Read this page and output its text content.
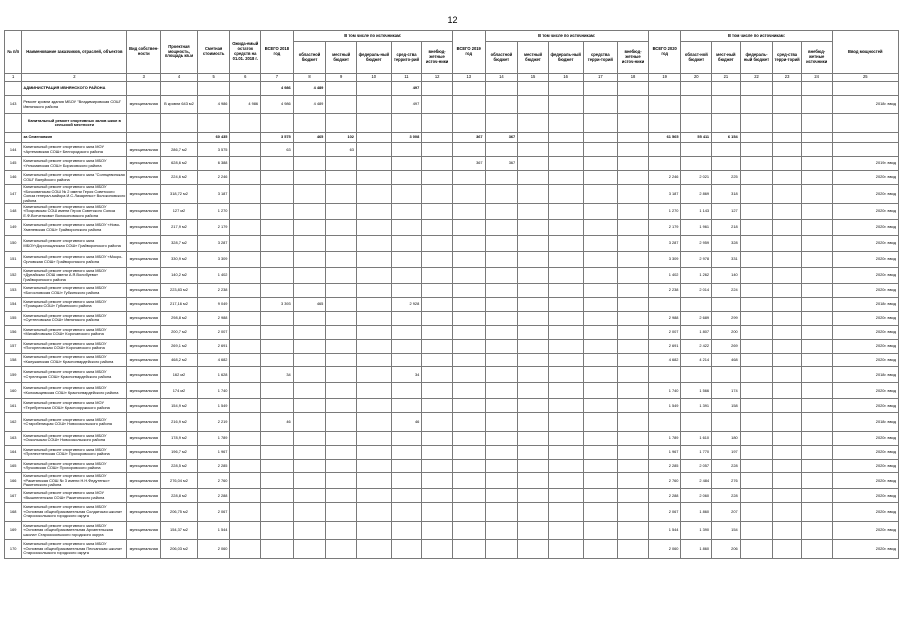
12
№ п/п	Наименование заказчиков, отраслей, объектов	Вид собствен-ности	Проектная мощность, площадь кв.м	Сметная стоимость	Ожида-емый остаток средств на 01.01. 2018 г.	ВСЕГО 2018 год	В том числе по источникам:					ВСЕГО 2019 год	В том числе по источникам:					ВСЕГО 2020 год	В том числе по источникам:					Ввод мощностей
							областной бюджет	местный бюджет	федераль-ный бюджет	сред-ства террито-рий	внебюд-жетные источ-ники		областной бюджет	местный бюджет	федераль-ный бюджет	средства терри-торий	внебюд-жетные источ-ники		област-ной бюджет	мест-ный бюджет	федераль-ный бюджет	сред-ства терри-торий	внебюд-жетные источники	
1	2	3	4	5	6	7	8	9	10	11	12	13	14	15	16	17	18	19	20	21	22	23	24	25
	АДМИНИСТРАЦИЯ ИВНЯНСКОГО РАЙОНА					4 986	4 489			497														
143	Ремонт кровли здания МБОУ "Владимировская СОШ" Ивнянского района	муниципальная	В кровли 643 м2	4 986	4 986	4 986	4 489			497														2018г. ввод
	Капитальный ремонт спортивных залов школ в сельской местности																							
	за Семеновкин			60 435		3 575	465	102		3 008		367	367					61 565	55 411	6 154				
144	Капитальный ремонт спортивного зала МОУ «Артемовская СОШ» Белгородского района	муниципальная	286,7 м2	3 575		63		63																
145	Капитальный ремонт спортивного зала МБОУ «Углыманская СОШ» Борисовского района	муниципальная	628,6 м2	6 388								367	367											2019г. ввод
146	Капитальный ремонт спортивного зала "Солнцевинская СОШ" Валуйского района	муниципальная	224,6 м2	2 246														2 246	2 021	225				2020г. ввод
147	Капитальный ремонт спортивного зала МБОУ «Бочковинская СОШ № 2 имени Героя Советского Союза генерал-майора И.С.Лазаренко» Волоконовского района	муниципальная	318,72 м2	3 187														3 187	2 869	318				2020г. ввод
148	Капитальный ремонт спортивного зала МБОУ «Покровская СОШ имени Героя Советского Союза Е.Ф.Вотченкова» Волоконовского района	муниципальная	127 м2	1 270														1 270	1 143	127				2020г. ввод
149	Капитальный ремонт спортивного зала МБОУ «Ново-Хмелевская СОШ» Грайворонского района	муниципальная	217,9 м2	2 179														2 179	1 961	218				2020г. ввод
150	Капитальный ремонт спортивного зала МБОУ«Дорогощанская СОШ» Грайворонского района	муниципальная	328,7 м2	3 287														3 287	2 959	328				2020г. ввод
151	Капитальный ремонт спортивного зала МБОУ «Мокро-Орловская СОШ» Грайворонского района	муниципальная	330,9 м2	3 309														3 309	2 978	331				2020г. ввод
152	Капитальный ремонт спортивного зала МБОУ «Дунайская ООШ имени А.Я.Волобуева» Грайворонского района	муниципальная	140,2 м2	1 402														1 402	1 262	140				2020г. ввод
153	Капитальный ремонт спортивного зала МБОУ «Богословская СОШ» Губкинского района	муниципальная	223,83 м2	2 238														2 238	2 014	224				2020г. ввод
154	Капитальный ремонт спортивного зала МБОУ «Троицкая СОШ» Губкинского района	муниципальная	217,16 м2	9 049		3 393	465			2 928														2018г. ввод
155	Капитальный ремонт спортивного зала МБОУ «Сунтеловская СОШ» Ивнянского района	муниципальная	298,8 м2	2 988														2 988	2 689	299				2020г. ввод
156	Капитальный ремонт спортивного зала МБОУ «Михайловская СОШ» Корочанского района	муниципальная	200,7 м2	2 007														2 007	1 807	200				2020г. ввод
157	Капитальный ремонт спортивного зала МБОУ «Погореловская СОШ» Корочанского района	муниципальная	269,1 м2	2 691														2 691	2 422	269				2020г. ввод
158	Капитальный ремонт спортивного зала МБОУ «Калужанская СОШ» Красногвардейского района	муниципальная	468,2 м2	4 682														4 682	4 214	468				2020г. ввод
159	Капитальный ремонт спортивного зала МБОУ «Стрелецкая СОШ» Красногвардейского района	муниципальная	162 м2	1 628		34				34														2018г. ввод
160	Капитальный ремонт спортивного зала МБОУ «Коломыцевская СОШ» Красногвардейского района	муниципальная	174 м2	1 740														1 740	1 566	174				2020г. ввод
161	Капитальный ремонт спортивного зала МОУ «Теребренская ООШ» Краснояружского района	муниципальная	154,9 м2	1 549														1 549	1 391	158				2020г. ввод
162	Капитальный ремонт спортивного зала МБОУ «Старобелицкая СОШ» Новооскольского района	муниципальная	216,9 м2	2 219		46				46														2018г. ввод
163	Капитальный ремонт спортивного зала МБОУ «Оскольская СОШ» Новооскольского района	муниципальная	178,9 м2	1 789														1 789	1 610	180				2020г. ввод
164	Капитальный ремонт спортивного зала МБОУ «Прелестненская СОШ» Прохоровского района	муниципальная	196,7 м2	1 967														1 967	1 770	197				2020г. ввод
165	Капитальный ремонт спортивного зала МБОУ «Лучковская СОШ» Прохоровского района	муниципальная	228,5 м2	2 285														2 285	2 057	228				2020г. ввод
166	Капитальный ремонт спортивного зала МБОУ «Ракитянская СОШ № 3 имени Н.Н.Федутенко» Ракитянского района	муниципальная	276,04 м2	2 760														2 760	2 484	276				2020г. ввод
167	Капитальный ремонт спортивного зала МОУ «Вышнепенская СОШ» Ракитянского района	муниципальная	228,8 м2	2 288														2 288	2 060	228				2020г. ввод
168	Капитальный ремонт спортивного зала МБОУ «Основная общеобразовательная Солдатская школа» Старооскольского городского округа	муниципальная	206,75 м2	2 067														2 067	1 860	207				2020г. ввод
169	Капитальный ремонт спортивного зала МБОУ «Основная общеобразовательная Архангельская школа» Старооскольского городского округа	муниципальная	154,37 м2	1 544														1 544	1 390	154				2020г. ввод
170	Капитальный ремонт спортивного зала МБОУ «Основная общеобразовательная Песчанская школа» Старооскольского городского округа	муниципальная	206,03 м2	2 060														2 060	1 860	206				2020г. ввод
